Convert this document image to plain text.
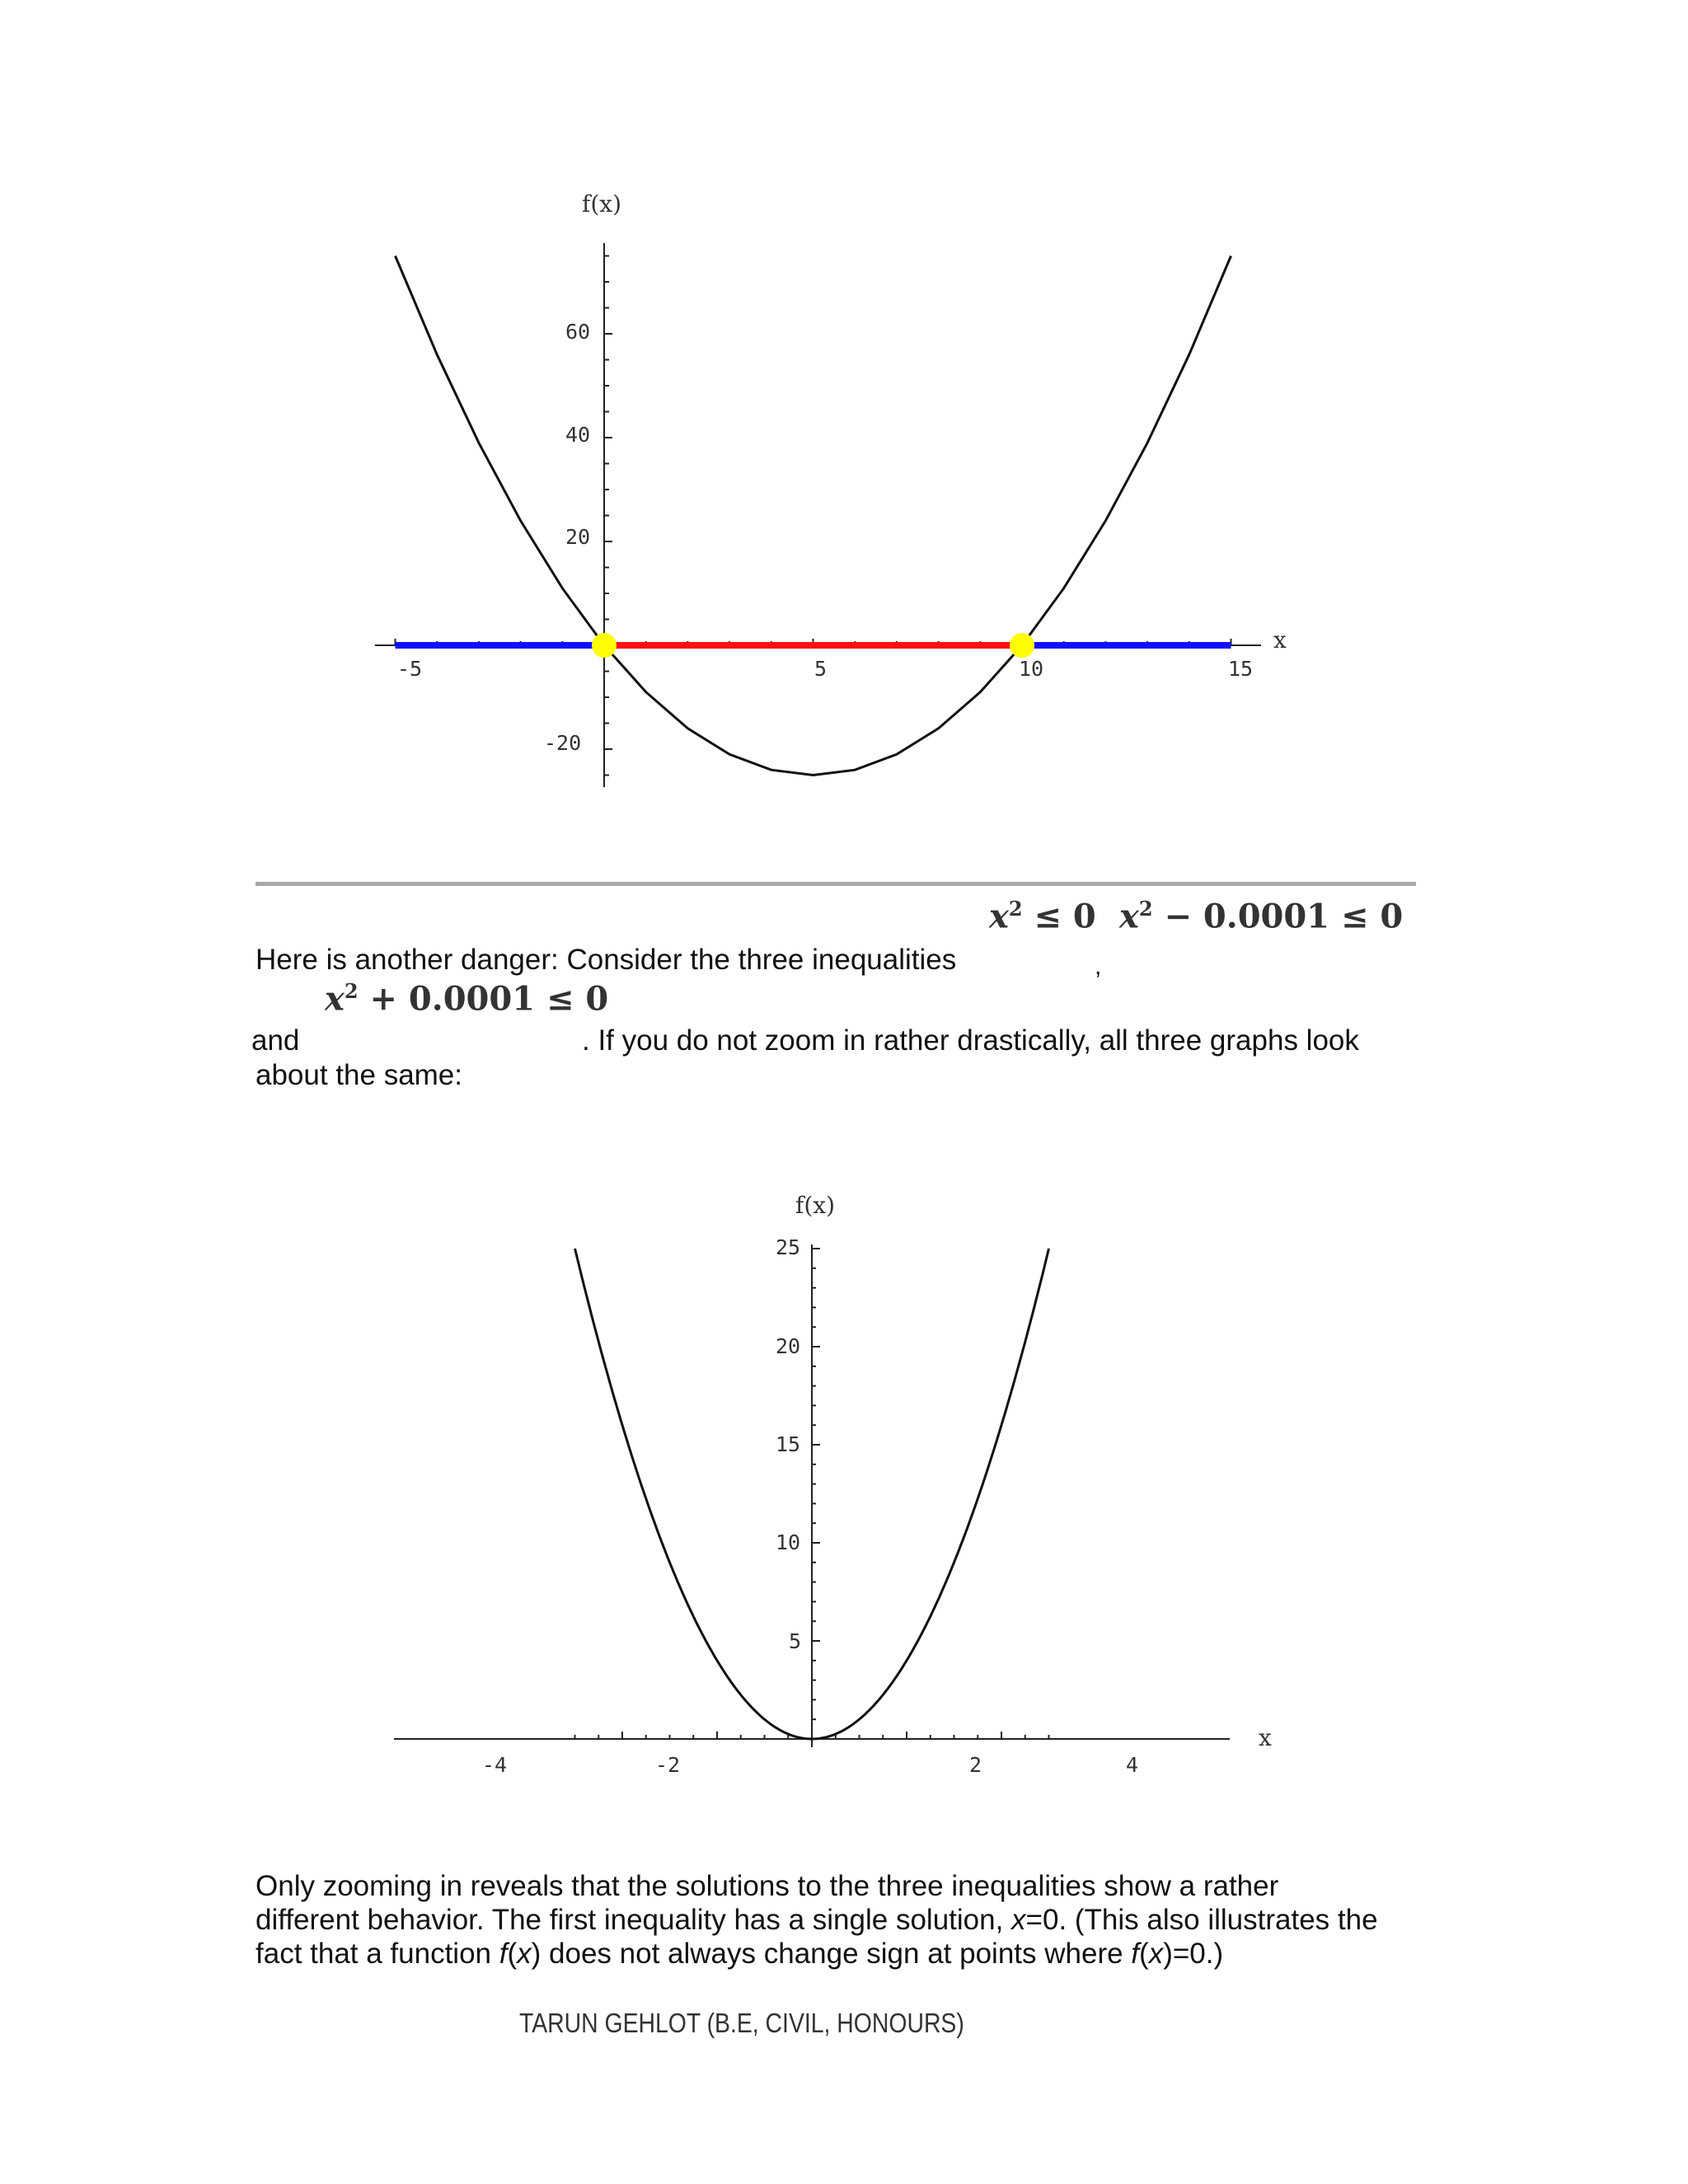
-5	5	10	15
60
40
20
-20
f(x)
x
$x^2 \le 0$ $x^2 - 0.0001 \le 0$
Here is another danger: Consider the three inequalities	,
$x^2 + 0.0001 \le 0$
and	. If you do not zoom in rather drastically, all three graphs look
about the same:
-4	-2	2	4
25
20
15
10
5
f(x)
x
Only zooming in reveals that the solutions to the three inequalities show a rather
different behavior. The first inequality has a single solution, x=0. (This also illustrates the
fact that a function f(x) does not always change sign at points where f(x)=0.)
TARUN GEHLOT (B.E, CIVIL, HONOURS)
